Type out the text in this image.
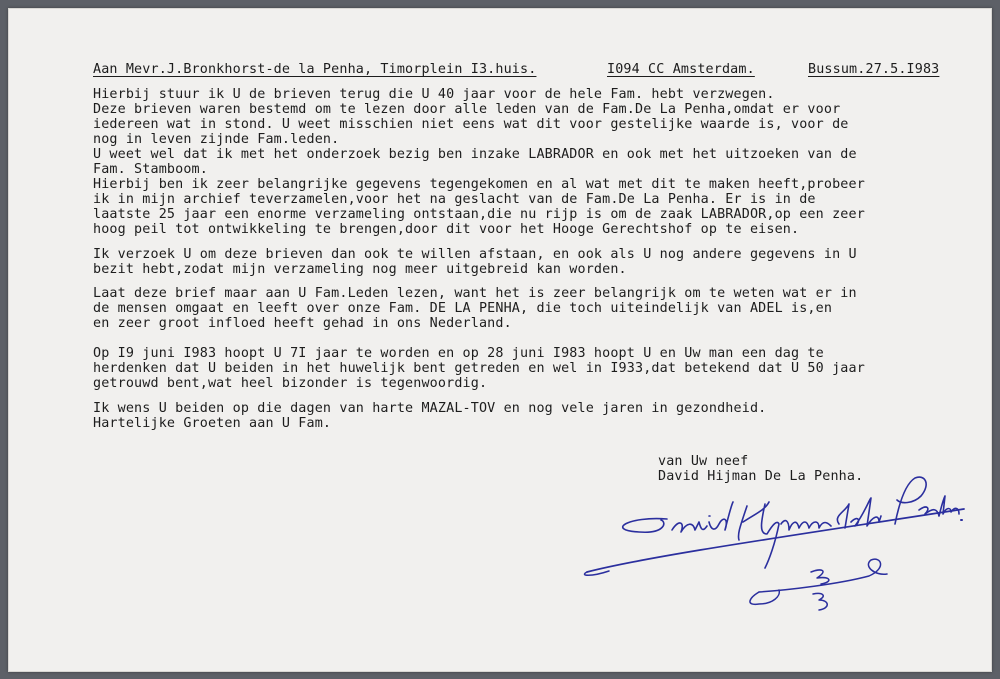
Aan Mevr.J.Bronkhorst-de la Penha, Timorplein I3.huis.	I094 CC Amsterdam.	Bussum.27.5.I983
Hierbij stuur ik U de brieven terug die U 40 jaar voor de hele Fam. hebt verzwegen.
Deze brieven waren bestemd om te lezen door alle leden van de Fam.De La Penha,omdat er voor
iedereen wat in stond. U weet misschien niet eens wat dit voor gestelijke waarde is, voor de
nog in leven zijnde Fam.leden.
U weet wel dat ik met het onderzoek bezig ben inzake LABRADOR en ook met het uitzoeken van de
Fam. Stamboom.
Hierbij ben ik zeer belangrijke gegevens tegengekomen en al wat met dit te maken heeft,probeer
ik in mijn archief teverzamelen,voor het na geslacht van de Fam.De La Penha. Er is in de
laatste 25 jaar een enorme verzameling ontstaan,die nu rijp is om de zaak LABRADOR,op een zeer
hoog peil tot ontwikkeling te brengen,door dit voor het Hooge Gerechtshof op te eisen.
Ik verzoek U om deze brieven dan ook te willen afstaan, en ook als U nog andere gegevens in U
bezit hebt,zodat mijn verzameling nog meer uitgebreid kan worden.
Laat deze brief maar aan U Fam.Leden lezen, want het is zeer belangrijk om te weten wat er in
de mensen omgaat en leeft over onze Fam. DE LA PENHA, die toch uiteindelijk van ADEL is,en
en zeer groot infloed heeft gehad in ons Nederland.
Op I9 juni I983 hoopt U 7I jaar te worden en op 28 juni I983 hoopt U en Uw man een dag te
herdenken dat U beiden in het huwelijk bent getreden en wel in I933,dat betekend dat U 50 jaar
getrouwd bent,wat heel bizonder is tegenwoordig.
Ik wens U beiden op die dagen van harte MAZAL-TOV en nog vele jaren in gezondheid.
Hartelijke Groeten aan U Fam.
van Uw neef
David Hijman De La Penha.
